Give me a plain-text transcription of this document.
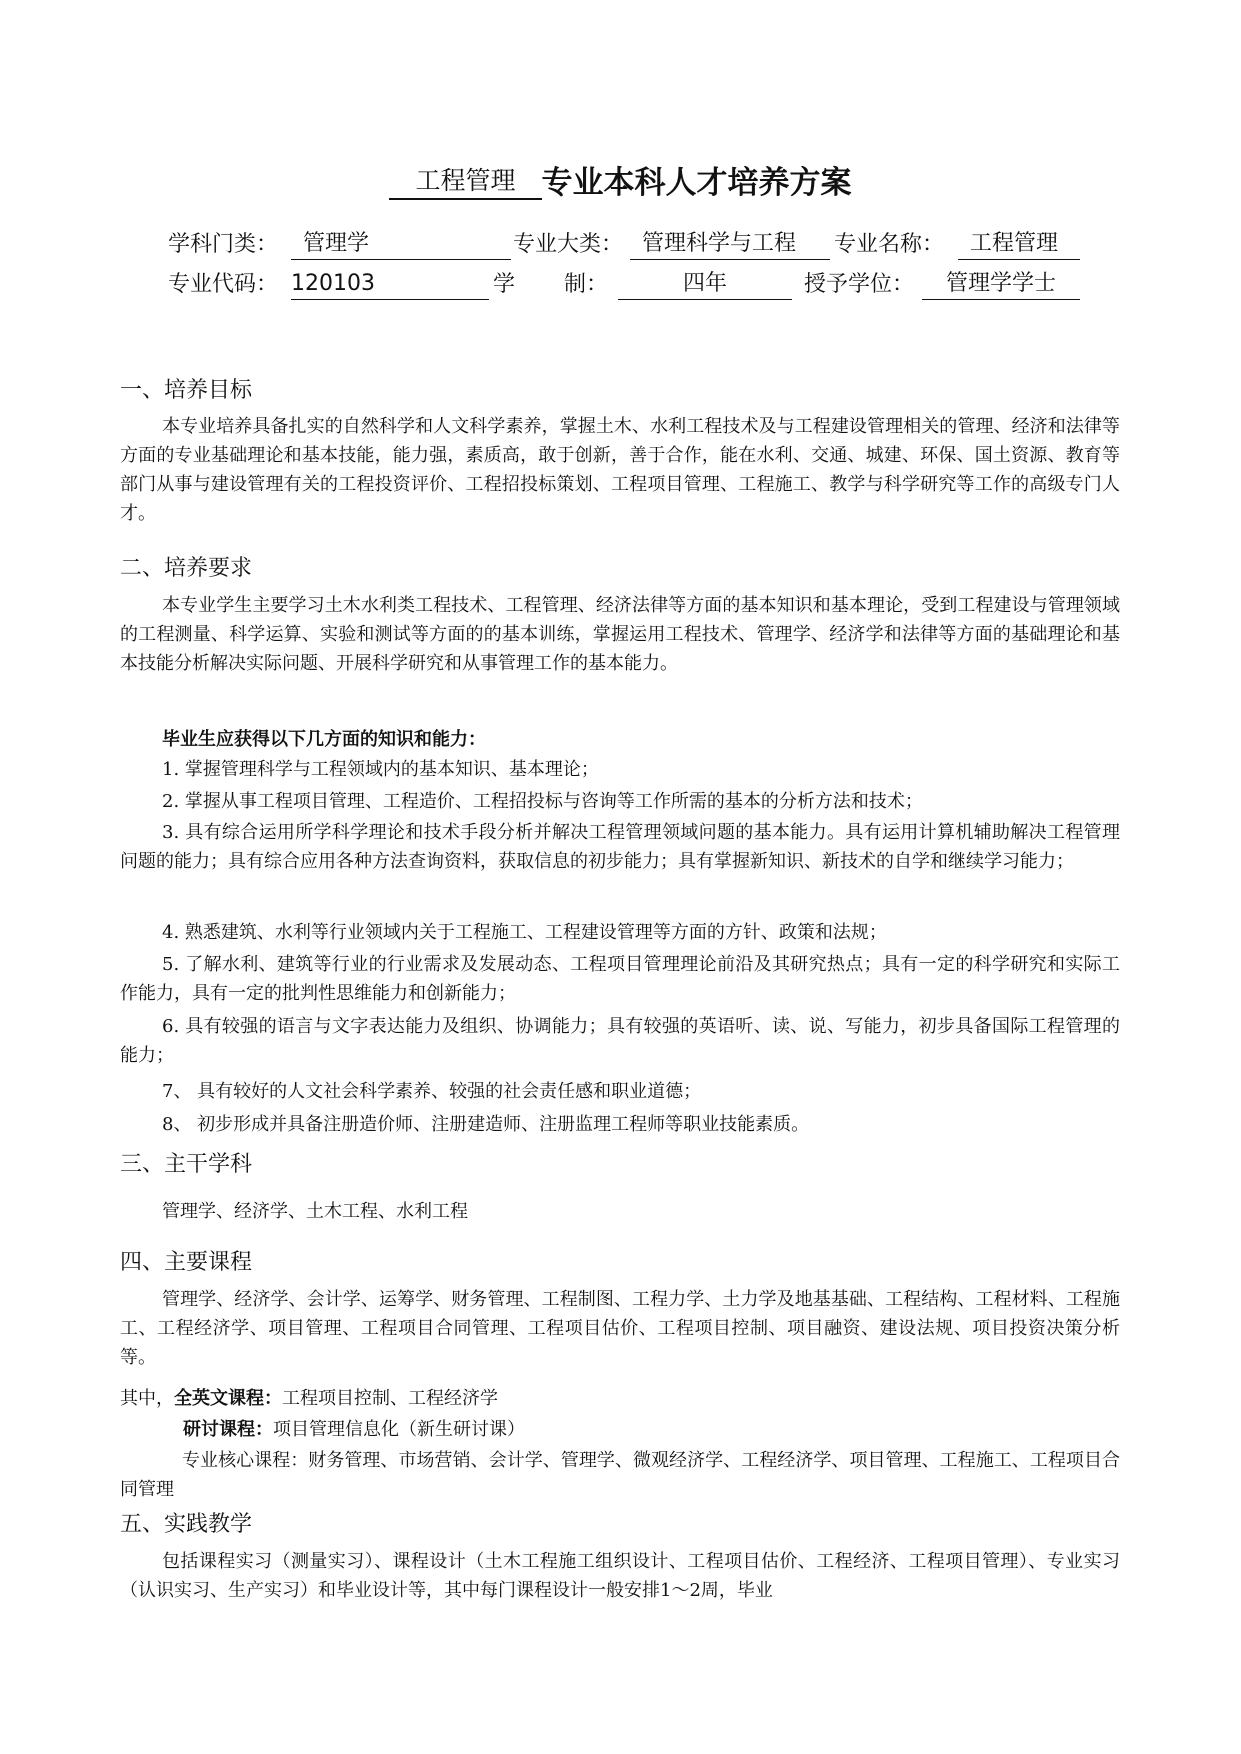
工程管理 专业本科人才培养方案
学科门类：	管理学	专业大类： 管理科学与工程	专业名称：	工程管理
专业代码： 120103	学 制：	四年	授予学位：	管理学学士
一、培养目标

本专业培养具备扎实的自然科学和人文科学素养，掌握土木、水利工程技术及与工程建设管理相关的管理、经济和法律等方面的专业基础理论和基本技能，能力强，素质高，敢于创新，善于合作，能在水利、交通、城建、环保、国土资源、教育等部门从事与建设管理有关的工程投资评价、工程招投标策划、工程项目管理、工程施工、教学与科学研究等工作的高级专门人才。

二、培养要求

本专业学生主要学习土木水利类工程技术、工程管理、经济法律等方面的基本知识和基本理论，受到工程建设与管理领域的工程测量、科学运算、实验和测试等方面的的基本训练，掌握运用工程技术、管理学、经济学和法律等方面的基础理论和基本技能分析解决实际问题、开展科学研究和从事管理工作的基本能力。

毕业生应获得以下几方面的知识和能力：

1. 掌握管理科学与工程领域内的基本知识、基本理论；

2. 掌握从事工程项目管理、工程造价、工程招投标与咨询等工作所需的基本的分析方法和技术；

3. 具有综合运用所学科学理论和技术手段分析并解决工程管理领域问题的基本能力。具有运用计算机辅助解决工程管理问题的能力；具有综合应用各种方法查询资料，获取信息的初步能力；具有掌握新知识、新技术的自学和继续学习能力；

4. 熟悉建筑、水利等行业领域内关于工程施工、工程建设管理等方面的方针、政策和法规；

5. 了解水利、建筑等行业的行业需求及发展动态、工程项目管理理论前沿及其研究热点；具有一定的科学研究和实际工作能力，具有一定的批判性思维能力和创新能力；

6. 具有较强的语言与文字表达能力及组织、协调能力；具有较强的英语听、读、说、写能力，初步具备国际工程管理的能力；

7、 具有较好的人文社会科学素养、较强的社会责任感和职业道德；

8、 初步形成并具备注册造价师、注册建造师、注册监理工程师等职业技能素质。

三、主干学科
管理学、经济学、土木工程、水利工程
四、主要课程

管理学、经济学、会计学、运筹学、财务管理、工程制图、工程力学、土力学及地基基础、工程结构、工程材料、工程施工、工程经济学、项目管理、工程项目合同管理、工程项目估价、工程项目控制、项目融资、建设法规、项目投资决策分析等。

其中，全英文课程：工程项目控制、工程经济学
研讨课程：项目管理信息化（新生研讨课）

专业核心课程：财务管理、市场营销、会计学、管理学、微观经济学、工程经济学、项目管理、工程施工、工程项目合同管理

五、实践教学

包括课程实习（测量实习）、课程设计（土木工程施工组织设计、工程项目估价、工程经济、工程项目管理）、专业实习（认识实习、生产实习）和毕业设计等，其中每门课程设计一般安排1～2周，毕业
